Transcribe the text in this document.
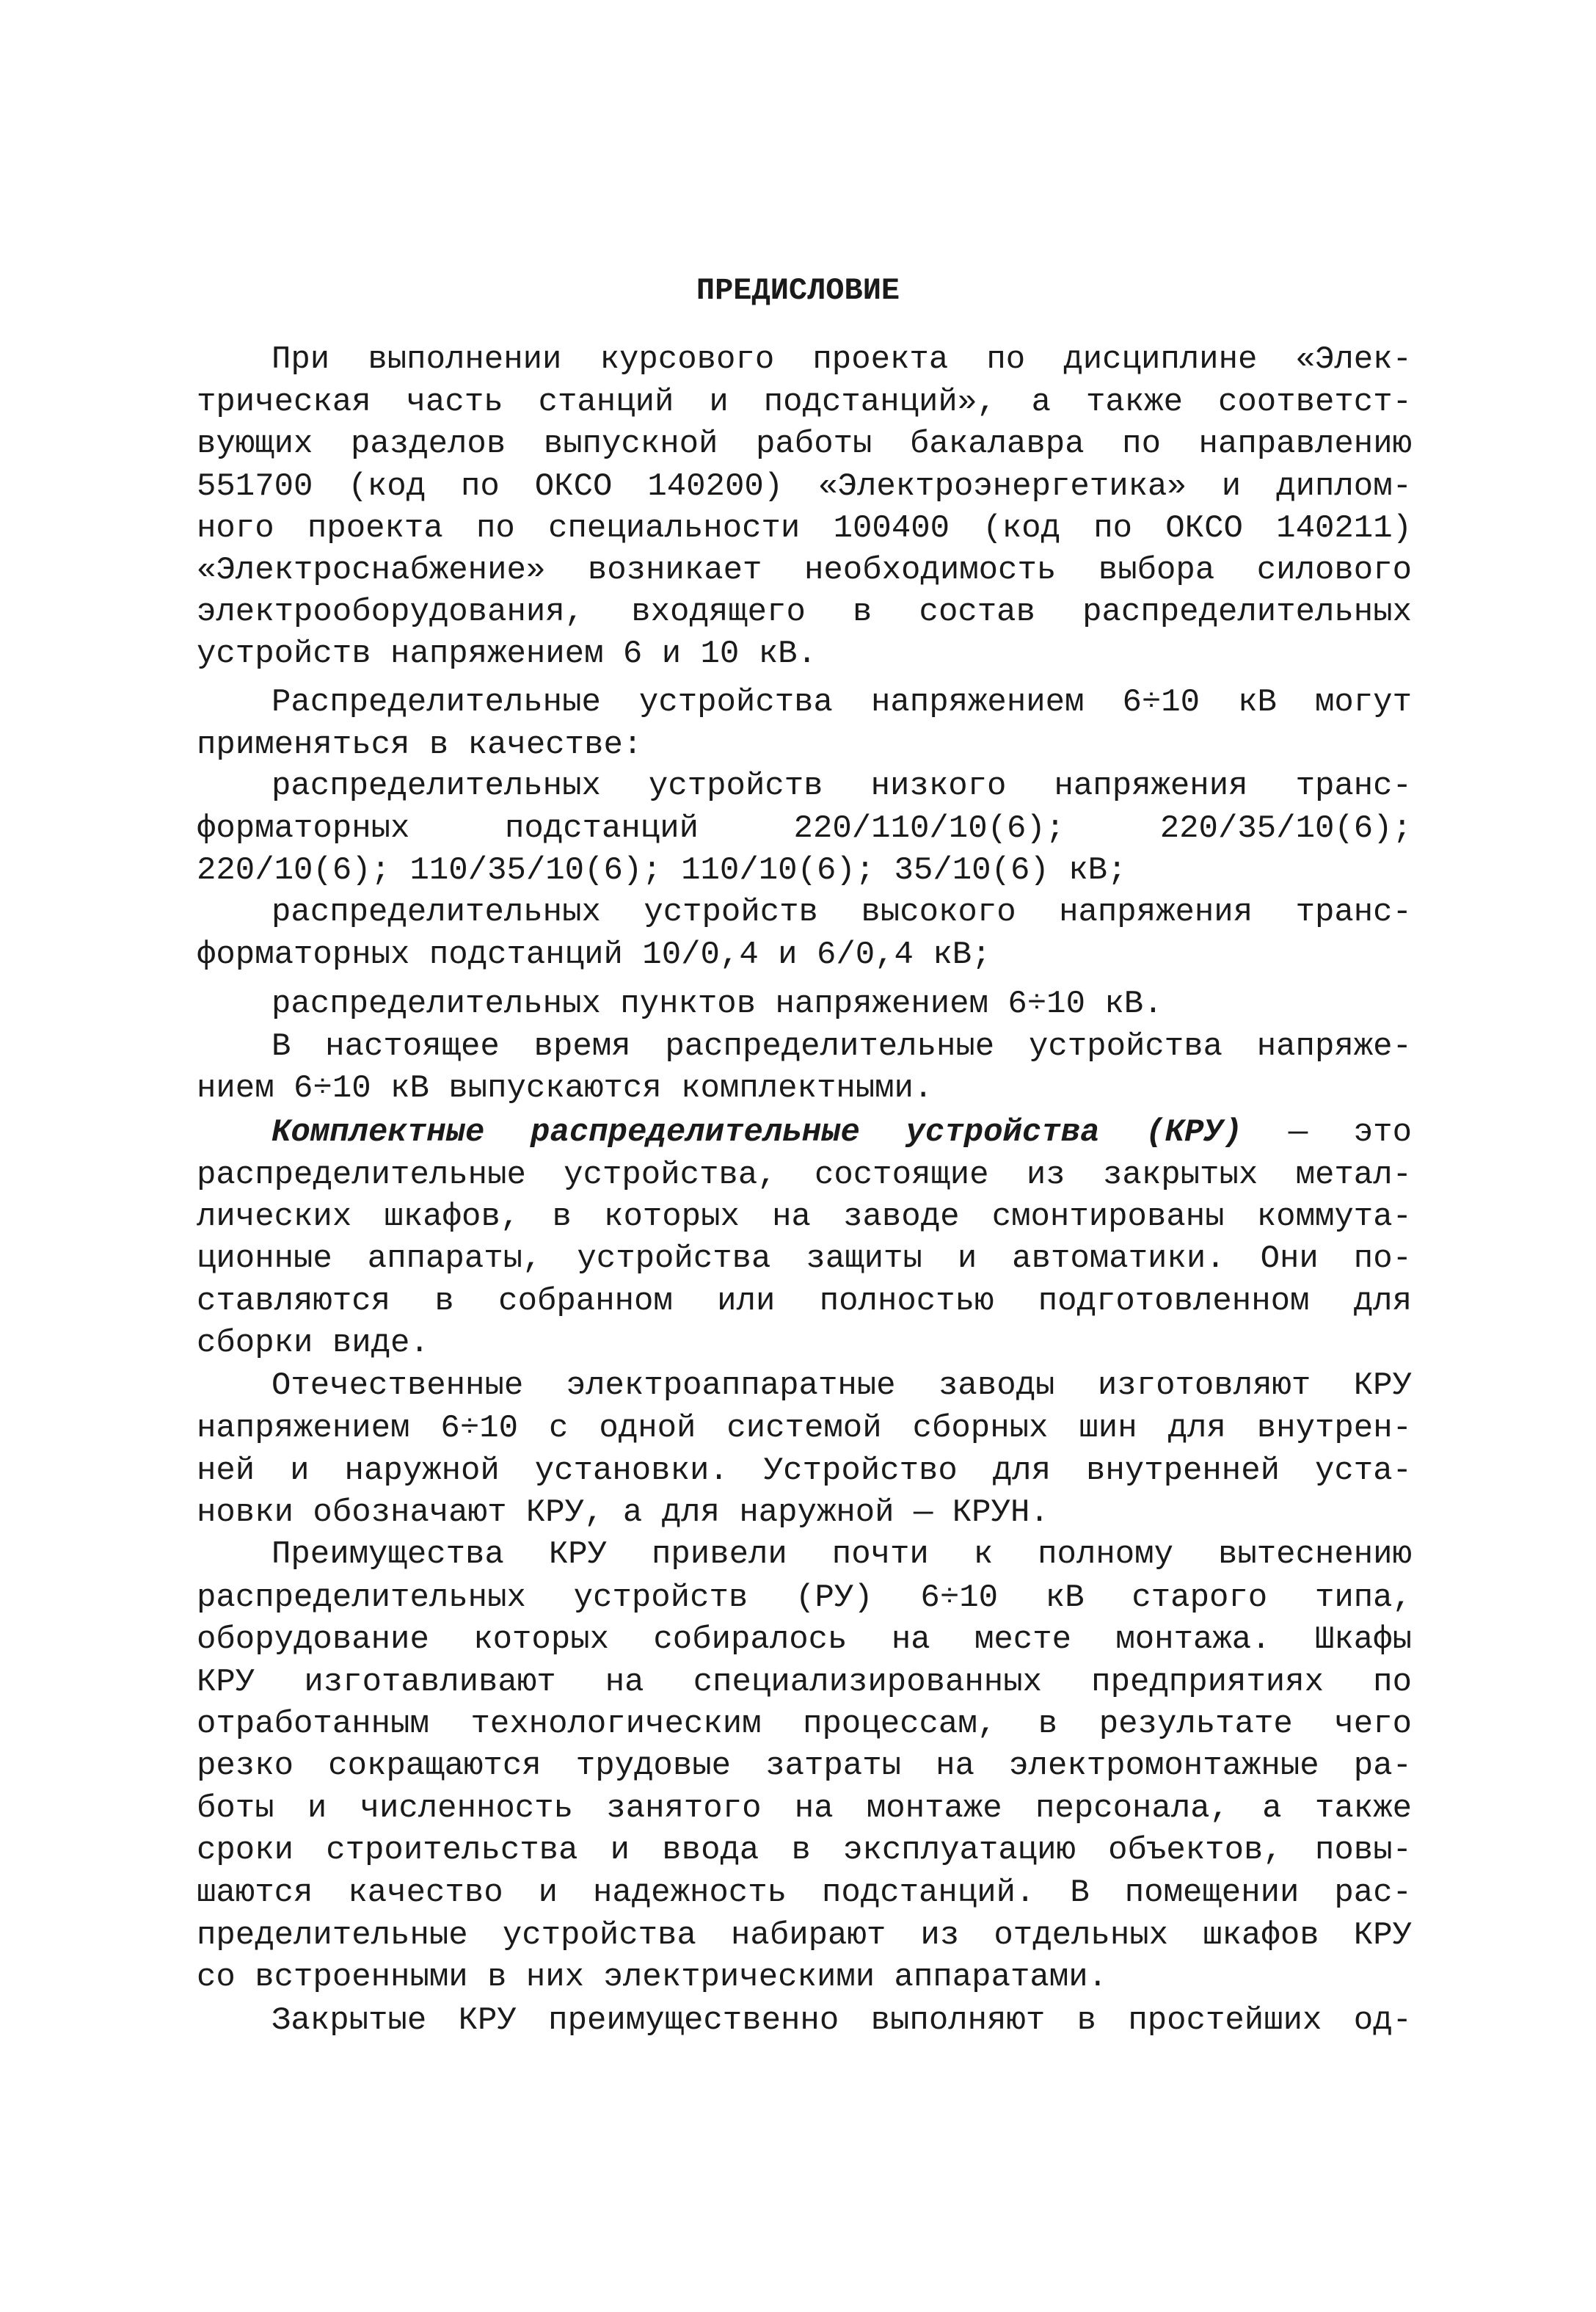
ПРЕДИСЛОВИЕ
При выполнении курсового проекта по дисциплине «Элек-
трическая часть станций и подстанций», а также соответст-
вующих разделов выпускной работы бакалавра по направлению
551700 (код по ОКСО 140200) «Электроэнергетика» и диплом-
ного проекта по специальности 100400 (код по ОКСО 140211)
«Электроснабжение» возникает необходимость выбора силового
электрооборудования, входящего в состав распределительных
устройств напряжением 6 и 10 кВ.
Распределительные устройства напряжением 6÷10 кВ могут
применяться в качестве:
распределительных устройств низкого напряжения транс-
форматорных подстанций 220/110/10(6); 220/35/10(6);
220/10(6); 110/35/10(6); 110/10(6); 35/10(6) кВ;
распределительных устройств высокого напряжения транс-
форматорных подстанций 10/0,4 и 6/0,4 кВ;
распределительных пунктов напряжением 6÷10 кВ.
В настоящее время распределительные устройства напряже-
нием 6÷10 кВ выпускаются комплектными.
Комплектные распределительные устройства (КРУ) — это
распределительные устройства, состоящие из закрытых метал-
лических шкафов, в которых на заводе смонтированы коммута-
ционные аппараты, устройства защиты и автоматики. Они по-
ставляются в собранном или полностью подготовленном для
сборки виде.
Отечественные электроаппаратные заводы изготовляют КРУ
напряжением 6÷10 с одной системой сборных шин для внутрен-
ней и наружной установки. Устройство для внутренней уста-
новки обозначают КРУ, а для наружной — КРУН.
Преимущества КРУ привели почти к полному вытеснению
распределительных устройств (РУ) 6÷10 кВ старого типа,
оборудование которых собиралось на месте монтажа. Шкафы
КРУ изготавливают на специализированных предприятиях по
отработанным технологическим процессам, в результате чего
резко сокращаются трудовые затраты на электромонтажные ра-
боты и численность занятого на монтаже персонала, а также
сроки строительства и ввода в эксплуатацию объектов, повы-
шаются качество и надежность подстанций. В помещении рас-
пределительные устройства набирают из отдельных шкафов КРУ
со встроенными в них электрическими аппаратами.
Закрытые КРУ преимущественно выполняют в простейших од-
